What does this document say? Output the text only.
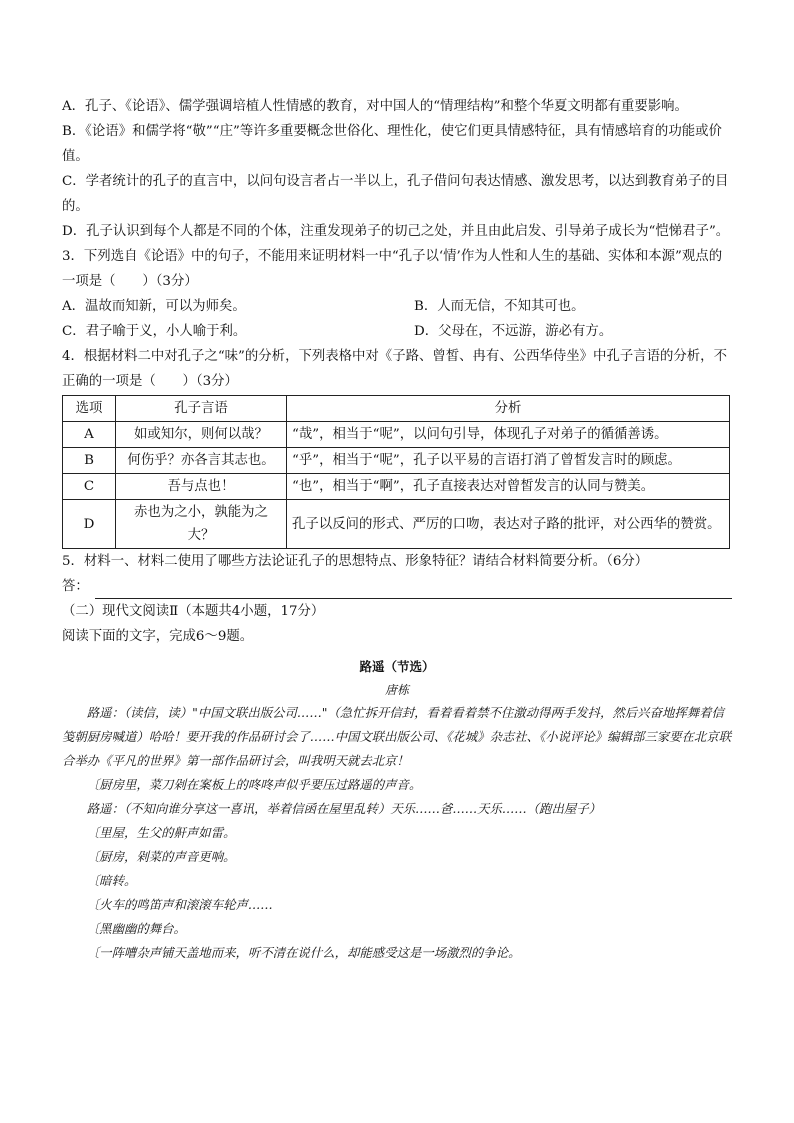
A．孔子、《论语》、儒学强调培植人性情感的教育，对中国人的“情理结构”和整个华夏文明都有重要影响。

B．《论语》和儒学将“敬”“庄”等许多重要概念世俗化、理性化，使它们更具情感特征，具有情感培育的功能或价值。

C．学者统计的孔子的直言中，以问句设言者占一半以上，孔子借问句表达情感、激发思考，以达到教育弟子的目的。

D．孔子认识到每个人都是不同的个体，注重发现弟子的切己之处，并且由此启发、引导弟子成长为“恺悌君子”。

3．下列选自《论语》中的句子，不能用来证明材料一中“孔子以‘情’作为人性和人生的基础、实体和本源”观点的一项是（　　）（3分）

A．温故而知新，可以为师矣。	B．人而无信，不知其可也。
C．君子喻于义，小人喻于利。	D．父母在，不远游，游必有方。

4．根据材料二中对孔子之“味”的分析，下列表格中对《子路、曾皙、冉有、公西华侍坐》中孔子言语的分析，不正确的一项是（　　）（3分）

选项	孔子言语	分析
A	如或知尔，则何以哉？	“哉”，相当于“呢”，以问句引导，体现孔子对弟子的循循善诱。
B	何伤乎？亦各言其志也。	“乎”，相当于“呢”，孔子以平易的言语打消了曾皙发言时的顾虑。
C	吾与点也！	“也”，相当于“啊”，孔子直接表达对曾皙发言的认同与赞美。
D	赤也为之小，孰能为之大？	孔子以反问的形式、严厉的口吻，表达对子路的批评，对公西华的赞赏。

5．材料一、材料二使用了哪些方法论证孔子的思想特点、形象特征？请结合材料简要分析。（6分）

答：

（二）现代文阅读Ⅱ（本题共4小题，17分）

阅读下面的文字，完成6～9题。

路遥（节选）

唐栋

路遥：（读信，读）"中国文联出版公司……"（急忙拆开信封，看着看着禁不住激动得两手发抖，然后兴奋地挥舞着信笺朝厨房喊道）哈哈！要开我的作品研讨会了……中国文联出版公司、《花城》杂志社、《小说评论》编辑部三家要在北京联合举办《平凡的世界》第一部作品研讨会，叫我明天就去北京！

〔厨房里，菜刀剁在案板上的咚咚声似乎要压过路遥的声音。

路遥：（不知向谁分享这一喜讯，举着信函在屋里乱转）天乐……爸……天乐……（跑出屋子）

〔里屋，生父的鼾声如雷。

〔厨房，剁菜的声音更响。

〔暗转。

〔火车的鸣笛声和滚滚车轮声……

〔黑幽幽的舞台。

〔一阵嘈杂声铺天盖地而来，听不清在说什么，却能感受这是一场激烈的争论。
